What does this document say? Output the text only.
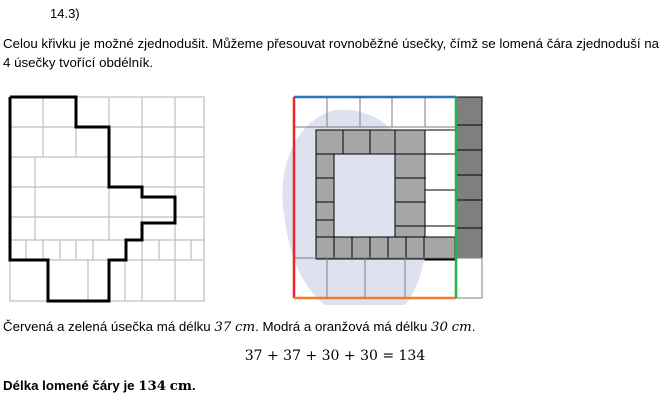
14.3)
Celou křivku je možné zjednodušit. Můžeme přesouvat rovnoběžné úsečky, čímž se lomená čára zjednoduší na 4 úsečky tvořící obdélník.
Červená a zelená úsečka má délku 37 cm. Modrá a oranžová má délku 30 cm.
37 + 37 + 30 + 30 = 134
Délka lomené čáry je 134 cm.
